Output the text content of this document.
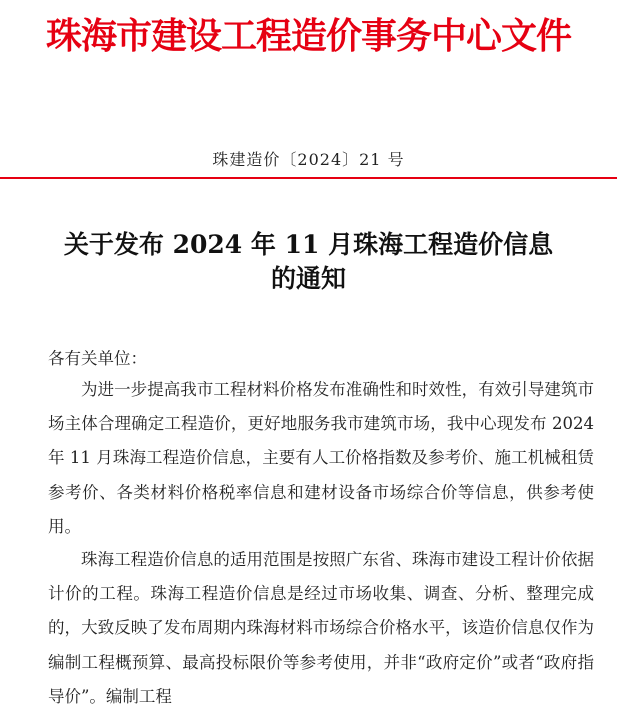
珠海市建设工程造价事务中心文件
珠建造价〔2024〕21 号
关于发布 2024 年 11 月珠海工程造价信息
的通知
各有关单位：

为进一步提高我市工程材料价格发布准确性和时效性，有效引导建筑市场主体合理确定工程造价，更好地服务我市建筑市场，我中心现发布 2024 年 11 月珠海工程造价信息，主要有人工价格指数及参考价、施工机械租赁参考价、各类材料价格税率信息和建材设备市场综合价等信息，供参考使用。

珠海工程造价信息的适用范围是按照广东省、珠海市建设工程计价依据计价的工程。珠海工程造价信息是经过市场收集、调查、分析、整理完成的，大致反映了发布周期内珠海材料市场综合价格水平，该造价信息仅作为编制工程概预算、最高投标限价等参考使用，并非“政府定价”或者“政府指导价”。编制工程
